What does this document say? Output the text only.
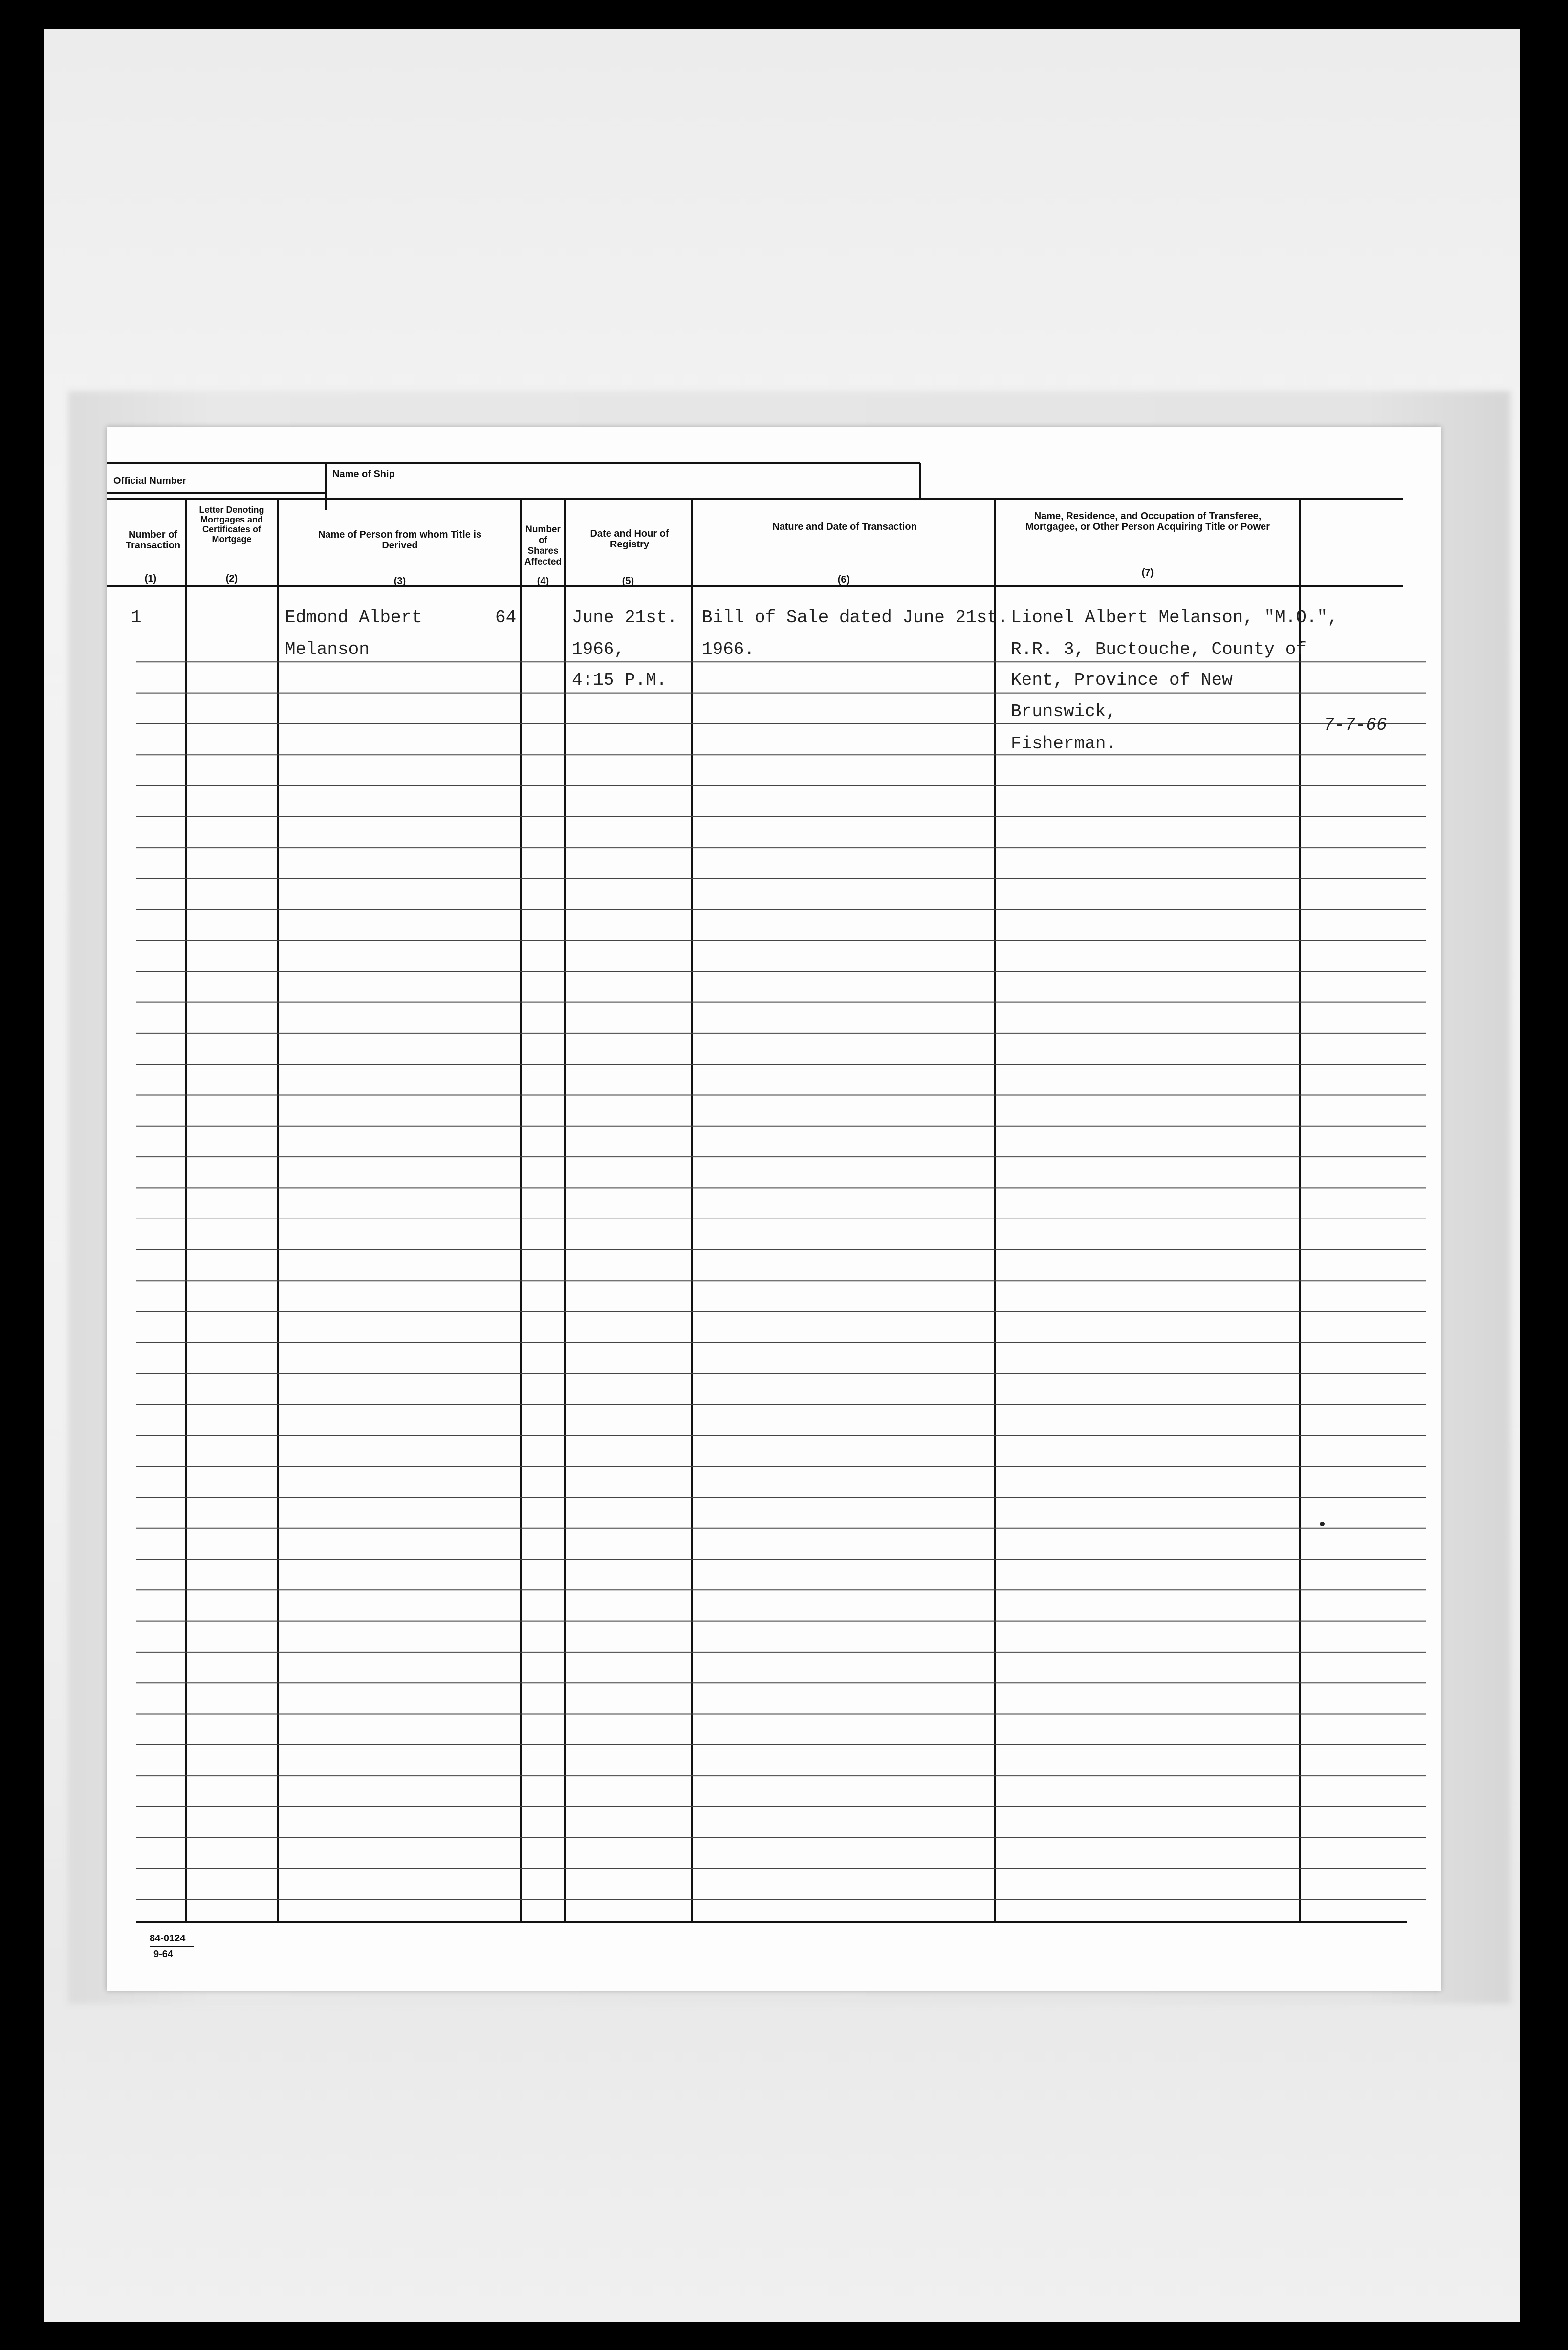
Official Number
Name of Ship
Number of Transaction
(1)
Letter Denoting Mortgages and Certificates of Mortgage
(2)
Name of Person from whom Title is Derived
(3)
Number of Shares Affected
(4)
Date and Hour of Registry
(5)
Nature and Date of Transaction
(6)
Name, Residence, and Occupation of Transferee, Mortgagee, or Other Person Acquiring Title or Power
(7)
1	Edmond Albert
Melanson
64	June 21st.
1966,
4:15 P.M.
Bill of Sale dated June 21st.
1966.
Lionel Albert Melanson, "M.O.",
R.R. 3, Buctouche, County of
Kent, Province of New
Brunswick,
Fisherman.
7-7-66
84-0124
9-64
